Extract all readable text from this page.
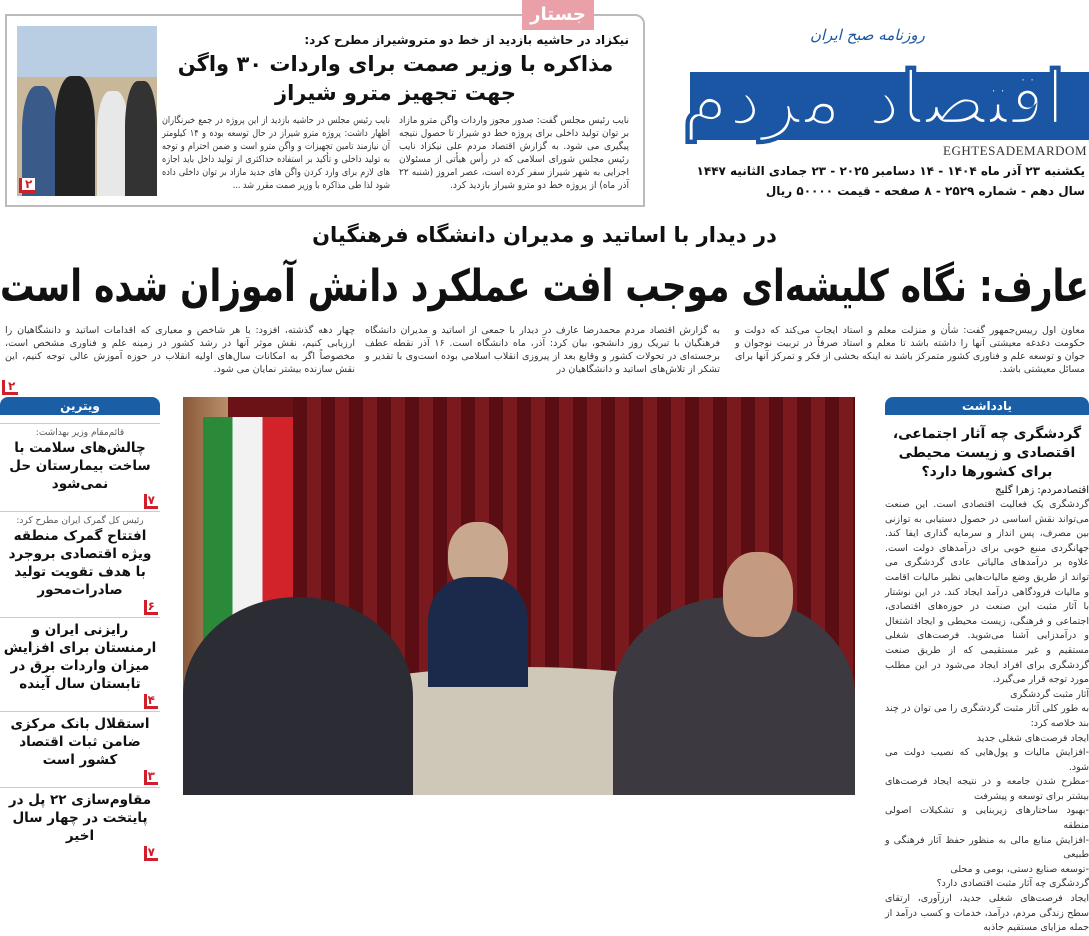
روزنامه صبح ایران
اقتصاد مردم
EGHTESADEMARDOM
یکشنبه ۲۳ آذر ماه ۱۴۰۴ - ۱۴ دسامبر ۲۰۲۵ - ۲۳ جمادی الثانیه ۱۴۴۷
سال دهم - شماره ۲۵۲۹ - ۸ صفحه - قیمت ۵۰۰۰۰ ریال
جستار
۲
نیکزاد در حاشیه بازدید از خط دو متروشیراز مطرح کرد:
مذاکره با وزیر صمت برای واردات ۳۰ واگن جهت تجهیز مترو شیراز
نایب رئیس مجلس گفت: صدور مجوز واردات واگن مترو مازاد بر توان تولید داخلی برای پروژه خط دو شیراز تا حصول نتیجه پیگیری می شود. به گزارش اقتصاد مردم علی نیکزاد نایب رئیس مجلس شورای اسلامی که در رأس هیأتی از مسئولان اجرایی به شهر شیراز سفر کرده است، عصر امروز (شنبه ۲۲ آذر ماه) از پروژه خط دو مترو شیراز بازدید کرد.
نایب رئیس مجلس در حاشیه بازدید از این پروژه در جمع خبرنگاران اظهار داشت: پروژه مترو شیراز در حال توسعه بوده و ۱۴ کیلومتر آن نیازمند تامین تجهیزات و واگن مترو است و ضمن احترام و توجه به تولید داخلی و تأکید بر استفاده حداکثری از تولید داخل باید اجازه های لازم برای وارد کردن واگن های جدید مازاد بر توان داخلی داده شود لذا طی مذاکره با وزیر صمت مقرر شد ...
در دیدار با اساتید و مدیران دانشگاه فرهنگیان
عارف: نگاه کلیشه‌ای موجب افت عملکرد دانش آموزان شده است
معاون اول رییس‌جمهور گفت: شأن و منزلت معلم و استاد ایجاب می‌کند که دولت و حکومت دغدغه معیشتی آنها را داشته باشد تا معلم و استاد صرفاً در تربیت نوجوان و جوان و توسعه علم و فناوری کشور متمرکز باشد نه اینکه بخشی از فکر و تمرکز آنها برای مسائل معیشتی باشد.
به گزارش اقتصاد مردم محمدرضا عارف در دیدار با جمعی از اساتید و مدیران دانشگاه فرهنگیان با تبریک روز دانشجو، بیان کرد: آذر، ماه دانشگاه است. ۱۶ آذر نقطه عطف برجسته‌ای در تحولات کشور و وقایع بعد از پیروزی انقلاب اسلامی بوده است‌وی با تقدیر و تشکر از تلاش‌های اساتید و دانشگاهیان در
چهار دهه گذشته، افزود: با هر شاخص و معیاری که اقدامات اساتید و دانشگاهیان را ارزیابی کنیم، نقش موثر آنها در رشد کشور در زمینه علم و فناوری مشخص است، مخصوصاً اگر به امکانات سال‌های اولیه انقلاب در حوزه آموزش عالی توجه کنیم، این نقش سازنده بیشتر نمایان می شود.
۲
ویترین
قائم‌مقام وزیر بهداشت:
چالش‌های سلامت با ساخت بیمارستان حل نمی‌شود
۷
رئیس کل گمرک ایران مطرح کرد:
افتتاح گمرک منطقه ویژه اقتصادی بروجرد با هدف تقویت تولید صادرات‌محور
۶
رایزنی ایران و ارمنستان برای افزایش میزان واردات برق در تابستان سال آینده
۴
استقلال بانک مرکزی ضامن ثبات اقتصاد کشور است
۳
مقاوم‌سازی ۲۲ پل در پایتخت در چهار سال اخیر
۷
یادداشت
گردشگری چه آثار اجتماعی، اقتصادی و زیست محیطی برای کشورها دارد؟
اقتصادمردم: زهرا گلیج
گردشگری یک فعالیت اقتصادی است. این صنعت می‌تواند نقش اساسی در حصول دستیابی به توازنی بین مصرف، پس انداز و سرمایه گذاری ایفا کند. جهانگردی منبع خوبی برای درآمدهای دولت است. علاوه بر درآمدهای مالیاتی عادی گردشگری می تواند از طریق وضع مالیات‌هایی نظیر مالیات اقامت و مالیات فرودگاهی درآمد ایجاد کند. در این نوشتار با آثار مثبت این صنعت در حوزه‌های اقتصادی، اجتماعی و فرهنگی، زیست محیطی و ایجاد اشتغال و درآمدزایی آشنا می‌شوید. فرصت‌های شغلی مستقیم و غیر مستقیمی که از طریق صنعت گردشگری برای افراد ایجاد می‌شود در این مطلب مورد توجه قرار می‌گیرد.
آثار مثبت گردشگری
به طور کلی آثار مثبت گردشگری را می توان در چند بند خلاصه کرد:
ایجاد فرصت‌های شغلی جدید
-افزایش مالیات و پول‌هایی که نصیب دولت می شود.
-مطرح شدن جامعه و در نتیجه ایجاد فرصت‌های بیشتر برای توسعه و پیشرفت
-بهبود ساختارهای زیربنایی و تشکیلات اصولی منطقه
-افزایش منابع مالی به منظور حفظ آثار فرهنگی و طبیعی
-توسعه صنایع دستی، بومی و محلی
گردشگری چه آثار مثبت اقتصادی دارد؟
ایجاد فرصت‌های شغلی جدید، ارزآوری، ارتقای سطح زندگی مردم، درآمد، خدمات و کسب درآمد از جمله مزایای مستقیم جاذبه
